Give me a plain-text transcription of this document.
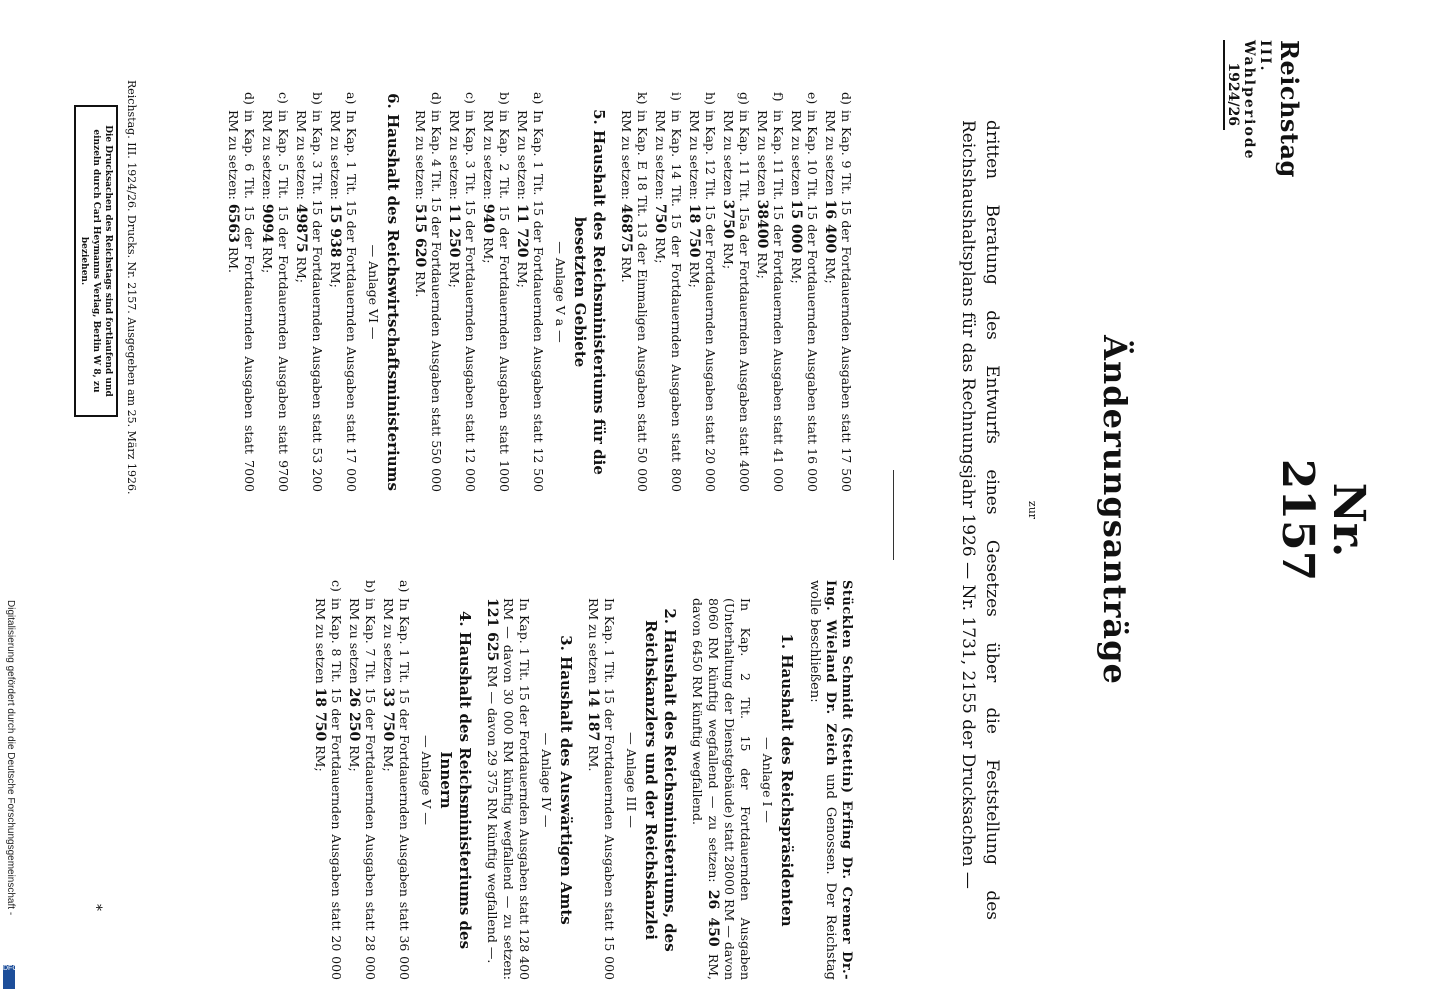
Reichstag
III. Wahlperiode
1924/26
Nr. 2157
Änderungsanträge
zur
dritten Beratung des Entwurfs eines Gesetzes über die Feststellung des Reichshaushaltsplans für das Rechnungsjahr 1926 — Nr. 1731, 2155 der Drucksachen —

Stücklen Schmidt (Stettin) Erfing Dr. Cremer Dr.-Ing. Wieland Dr. Zeich und Genossen. Der Reichstag wolle beschließen:

1. Haushalt des Reichspräsidenten
— Anlage I —
In Kap. 2 Tit. 15 der Fortdauernden Ausgaben (Unterhaltung der Dienstgebäude) statt 28000 RM — davon 8060 RM künftig wegfallend — zu setzen: 26 450 RM, davon 6450 RM künftig wegfallend.
2. Haushalt des Reichsministeriums, des Reichskanzlers und der Reichskanzlei
— Anlage III —
In Kap. 1 Tit. 15 der Fortdauernden Ausgaben statt 15 000 RM zu setzen 14 187 RM.
3. Haushalt des Auswärtigen Amts
— Anlage IV —
In Kap. 1 Tit. 15 der Fortdauernden Ausgaben statt 128 400 RM — davon 30 000 RM künftig wegfallend — zu setzen: 121 625 RM — davon 29 375 RM künftig wegfallend —.
4. Haushalt des Reichsministeriums des Innern
— Anlage V —
a)
In Kap. 1 Tit. 15 der Fortdauernden Ausgaben statt 36 000 RM zu setzen 33 750 RM;
b)
in Kap. 7 Tit. 15 der Fortdauernden Ausgaben statt 28 000 RM zu setzen 26 250 RM;
c)
in Kap. 8 Tit. 15 der Fortdauernden Ausgaben statt 20 000 RM zu setzen 18 750 RM;
d)
in Kap. 9 Tit. 15 der Fortdauernden Ausgaben statt 17 500 RM zu setzen 16 400 RM;
e)
in Kap. 10 Tit. 15 der Fortdauernden Ausgaben statt 16 000 RM zu setzen 15 000 RM;
f)
in Kap. 11 Tit. 15 der Fortdauernden Ausgaben statt 41 000 RM zu setzen 38400 RM;
g)
in Kap. 11 Tit. 15a der Fortdauernden Ausgaben statt 4000 RM zu setzen 3750 RM;
h)
in Kap. 12 Tit. 15 der Fortdauernden Ausgaben statt 20 000 RM zu setzen: 18 750 RM;
i)
in Kap. 14 Tit. 15 der Fortdauernden Ausgaben statt 800 RM zu setzen: 750 RM;
k)
in Kap. E 18 Tit. 13 der Einmaligen Ausgaben statt 50 000 RM zu setzen: 46875 RM.
5. Haushalt des Reichsministeriums für die besetzten Gebiete
— Anlage V a —
a)
In Kap. 1 Tit. 15 der Fortdauernden Ausgaben statt 12 500 RM zu setzen: 11 720 RM;
b)
in Kap. 2 Tit. 15 der Fortdauernden Ausgaben statt 1000 RM zu setzen: 940 RM;
c)
in Kap. 3 Tit. 15 der Fortdauernden Ausgaben statt 12 000 RM zu setzen: 11 250 RM;
d)
in Kap. 4 Tit. 15 der Fortdauernden Ausgaben statt 550 000 RM zu setzen: 515 620 RM.
6. Haushalt des Reichswirtschaftsministeriums
— Anlage VI —
a)
In Kap. 1 Tit. 15 der Fortdauernden Ausgaben statt 17 000 RM zu setzen: 15 938 RM;
b)
in Kap. 3 Tit. 15 der Fortdauernden Ausgaben statt 53 200 RM zu setzen: 49875 RM;
c)
in Kap. 5 Tit. 15 der Fortdauernden Ausgaben statt 9700 RM zu setzen: 9094 RM;
d)
in Kap. 6 Tit. 15 der Fortdauernden Ausgaben statt 7000 RM zu setzen: 6563 RM.
Reichstag. III. 1924/26. Drucks. Nr. 2157. Ausgegeben am 25. März 1926.
Die Drucksachen des Reichstags sind fortlaufend und einzeln durch Carl Heymanns Verlag, Berlin W 8, zu beziehen.
*
Digitalisierung gefördert durch die Deutsche Forschungsgemeinschaft -
DFG
